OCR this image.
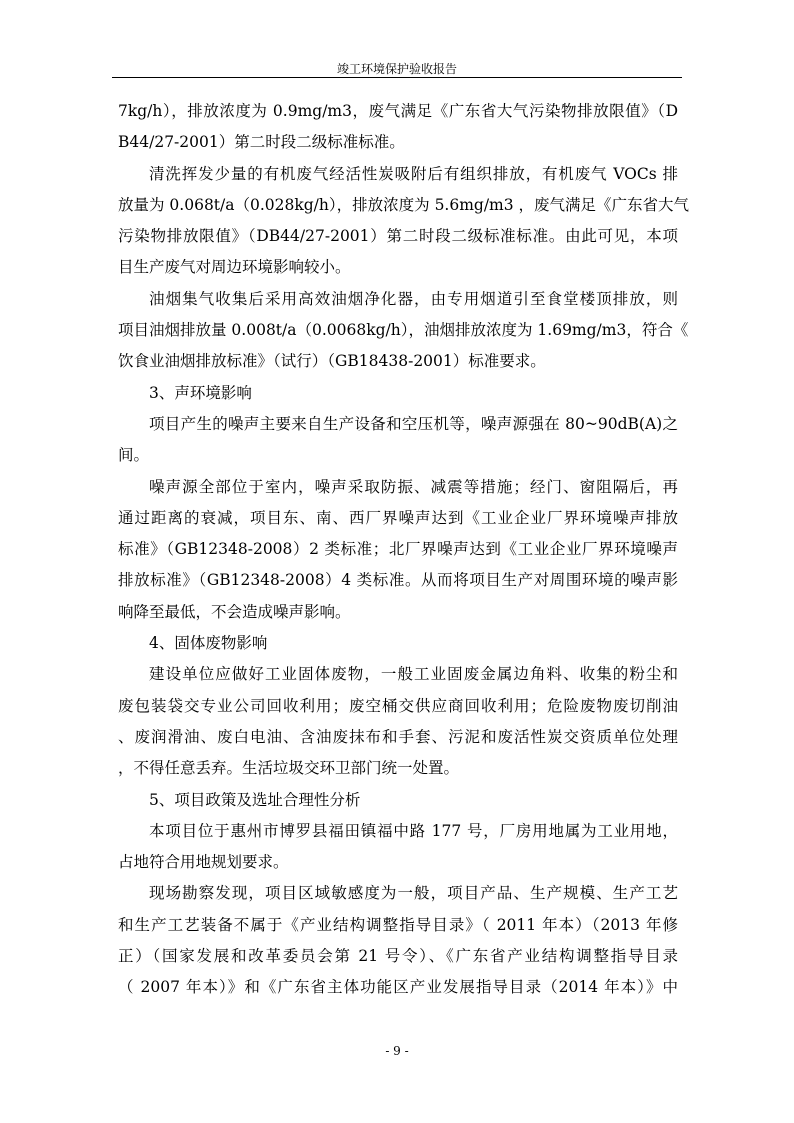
竣工环境保护验收报告
7kg/h），排放浓度为 0.9mg/m3，废气满足《广东省大气污染物排放限值》（D
B44/27-2001）第二时段二级标准标准。
清洗挥发少量的有机废气经活性炭吸附后有组织排放，有机废气 VOCs 排
放量为 0.068t/a（0.028kg/h），排放浓度为 5.6mg/m3 ，废气满足《广东省大气
污染物排放限值》（DB44/27-2001）第二时段二级标准标准。由此可见，本项
目生产废气对周边环境影响较小。
油烟集气收集后采用高效油烟净化器，由专用烟道引至食堂楼顶排放，则
项目油烟排放量 0.008t/a（0.0068kg/h），油烟排放浓度为 1.69mg/m3，符合《
饮食业油烟排放标准》（试行）（GB18438-2001）标准要求。
3、声环境影响
项目产生的噪声主要来自生产设备和空压机等，噪声源强在 80~90dB(A)之
间。
噪声源全部位于室内，噪声采取防振、减震等措施；经门、窗阻隔后，再
通过距离的衰减，项目东、南、西厂界噪声达到《工业企业厂界环境噪声排放
标准》（GB12348-2008）2 类标准；北厂界噪声达到《工业企业厂界环境噪声
排放标准》（GB12348-2008）4 类标准。从而将项目生产对周围环境的噪声影
响降至最低，不会造成噪声影响。
4、固体废物影响
建设单位应做好工业固体废物，一般工业固废金属边角料、收集的粉尘和
废包装袋交专业公司回收利用；废空桶交供应商回收利用；危险废物废切削油
、废润滑油、废白电油、含油废抹布和手套、污泥和废活性炭交资质单位处理
，不得任意丢弃。生活垃圾交环卫部门统一处置。
5、项目政策及选址合理性分析
本项目位于惠州市博罗县福田镇福中路 177 号，厂房用地属为工业用地，
占地符合用地规划要求。
现场勘察发现，项目区域敏感度为一般，项目产品、生产规模、生产工艺
和生产工艺装备不属于《产业结构调整指导目录》（ 2011 年本）（2013 年修
正）（国家发展和改革委员会第 21 号令）、《广东省产业结构调整指导目录
（ 2007 年本）》和《广东省主体功能区产业发展指导目录（2014 年本）》中
- 9 -
